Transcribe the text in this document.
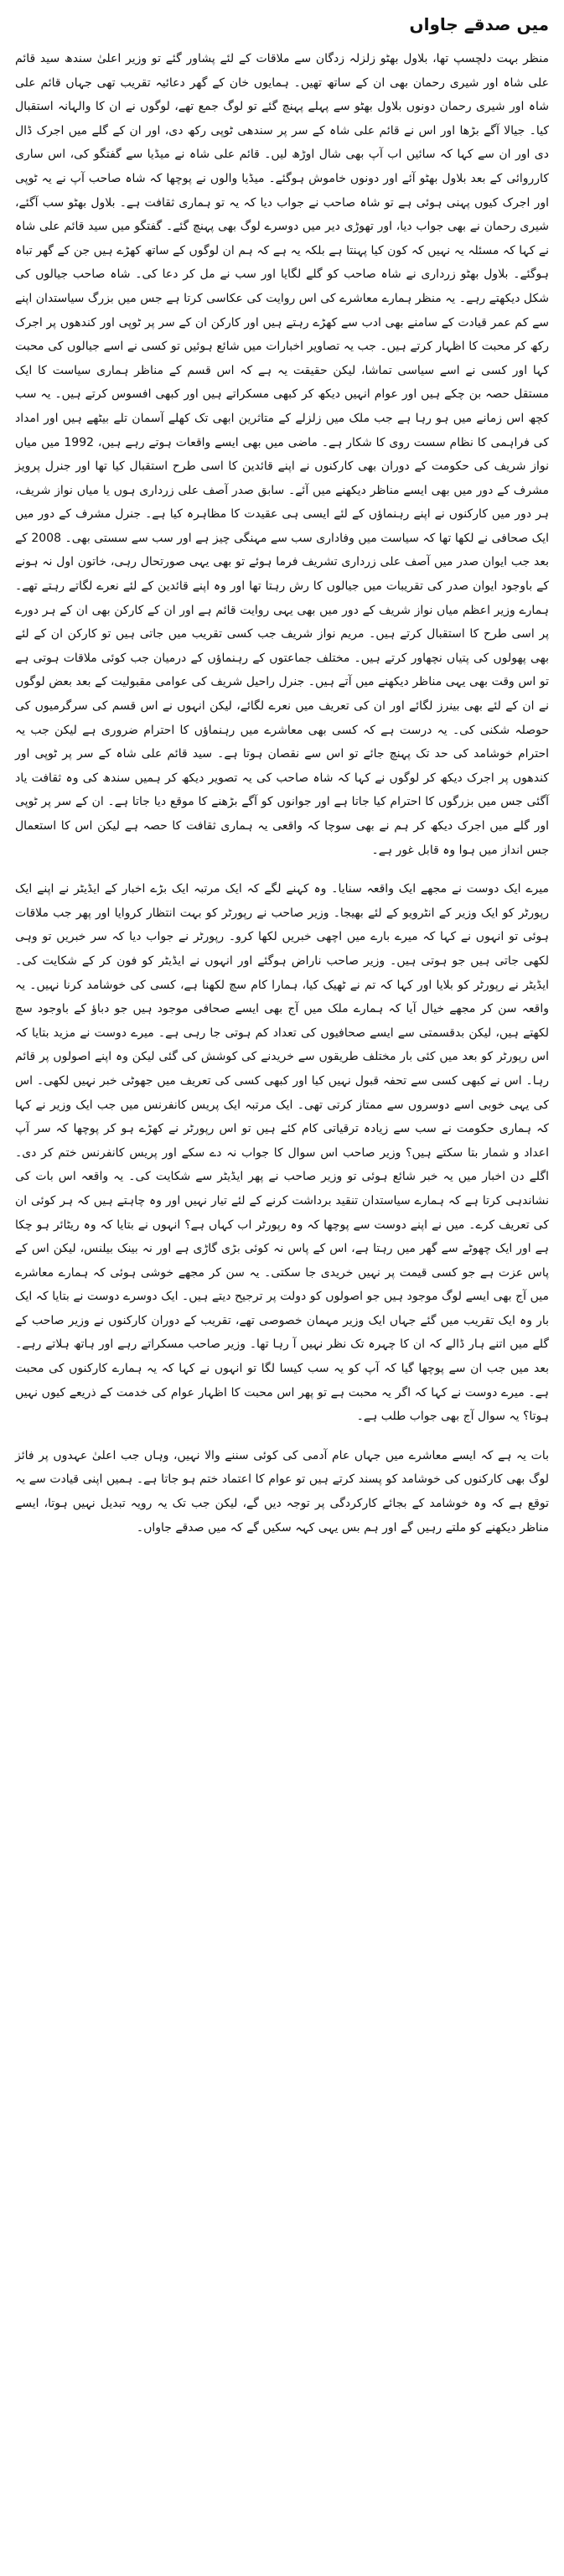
میں صدقے جاواں

منظر بہت دلچسپ تھا، بلاول بھٹو زلزلہ زدگان سے ملاقات کے لئے پشاور گئے تو وزیر اعلیٰ سندھ سید قائم علی شاہ اور شیری رحمان بھی ان کے ساتھ تھیں۔ ہمایوں خان کے گھر دعائیہ تقریب تھی جہاں قائم علی شاہ اور شیری رحمان دونوں بلاول بھٹو سے پہلے پہنچ گئے تو لوگ جمع تھے، لوگوں نے ان کا والہانہ استقبال کیا۔ جیالا آگے بڑھا اور اس نے قائم علی شاہ کے سر پر سندھی ٹوپی رکھ دی، اور ان کے گلے میں اجرک ڈال دی اور ان سے کہا کہ سائیں اب آپ بھی شال اوڑھ لیں۔ قائم علی شاہ نے میڈیا سے گفتگو کی، اس ساری کارروائی کے بعد بلاول بھٹو آئے اور دونوں خاموش ہوگئے۔ میڈیا والوں نے پوچھا کہ شاہ صاحب آپ نے یہ ٹوپی اور اجرک کیوں پہنی ہوئی ہے تو شاہ صاحب نے جواب دیا کہ یہ تو ہماری ثقافت ہے۔ بلاول بھٹو سب آگئے، شیری رحمان نے بھی جواب دیا، اور تھوڑی دیر میں دوسرے لوگ بھی پہنچ گئے۔ گفتگو میں سید قائم علی شاہ نے کہا کہ مسئلہ یہ نہیں کہ کون کیا پہنتا ہے بلکہ یہ ہے کہ ہم ان لوگوں کے ساتھ کھڑے ہیں جن کے گھر تباہ ہوگئے۔ بلاول بھٹو زرداری نے شاہ صاحب کو گلے لگایا اور سب نے مل کر دعا کی۔ شاہ صاحب جیالوں کی شکل دیکھتے رہے۔ یہ منظر ہمارے معاشرے کی اس روایت کی عکاسی کرتا ہے جس میں بزرگ سیاستدان اپنے سے کم عمر قیادت کے سامنے بھی ادب سے کھڑے رہتے ہیں اور کارکن ان کے سر پر ٹوپی اور کندھوں پر اجرک رکھ کر محبت کا اظہار کرتے ہیں۔ جب یہ تصاویر اخبارات میں شائع ہوئیں تو کسی نے اسے جیالوں کی محبت کہا اور کسی نے اسے سیاسی تماشا، لیکن حقیقت یہ ہے کہ اس قسم کے مناظر ہماری سیاست کا ایک مستقل حصہ بن چکے ہیں اور عوام انہیں دیکھ کر کبھی مسکراتے ہیں اور کبھی افسوس کرتے ہیں۔ یہ سب کچھ اس زمانے میں ہو رہا ہے جب ملک میں زلزلے کے متاثرین ابھی تک کھلے آسمان تلے بیٹھے ہیں اور امداد کی فراہمی کا نظام سست روی کا شکار ہے۔ ماضی میں بھی ایسے واقعات ہوتے رہے ہیں، 1992 میں میاں نواز شریف کی حکومت کے دوران بھی کارکنوں نے اپنے قائدین کا اسی طرح استقبال کیا تھا اور جنرل پرویز مشرف کے دور میں بھی ایسے مناظر دیکھنے میں آئے۔ سابق صدر آصف علی زرداری ہوں یا میاں نواز شریف، ہر دور میں کارکنوں نے اپنے رہنماؤں کے لئے ایسی ہی عقیدت کا مظاہرہ کیا ہے۔ جنرل مشرف کے دور میں ایک صحافی نے لکھا تھا کہ سیاست میں وفاداری سب سے مہنگی چیز ہے اور سب سے سستی بھی۔ 2008 کے بعد جب ایوان صدر میں آصف علی زرداری تشریف فرما ہوئے تو بھی یہی صورتحال رہی، خاتون اول نہ ہونے کے باوجود ایوان صدر کی تقریبات میں جیالوں کا رش رہتا تھا اور وہ اپنے قائدین کے لئے نعرے لگاتے رہتے تھے۔ ہمارے وزیر اعظم میاں نواز شریف کے دور میں بھی یہی روایت قائم ہے اور ان کے کارکن بھی ان کے ہر دورے پر اسی طرح کا استقبال کرتے ہیں۔ مریم نواز شریف جب کسی تقریب میں جاتی ہیں تو کارکن ان کے لئے بھی پھولوں کی پتیاں نچھاور کرتے ہیں۔ مختلف جماعتوں کے رہنماؤں کے درمیان جب کوئی ملاقات ہوتی ہے تو اس وقت بھی یہی مناظر دیکھنے میں آتے ہیں۔ جنرل راحیل شریف کی عوامی مقبولیت کے بعد بعض لوگوں نے ان کے لئے بھی بینرز لگائے اور ان کی تعریف میں نعرے لگائے، لیکن انہوں نے اس قسم کی سرگرمیوں کی حوصلہ شکنی کی۔ یہ درست ہے کہ کسی بھی معاشرے میں رہنماؤں کا احترام ضروری ہے لیکن جب یہ احترام خوشامد کی حد تک پہنچ جائے تو اس سے نقصان ہوتا ہے۔ سید قائم علی شاہ کے سر پر ٹوپی اور کندھوں پر اجرک دیکھ کر لوگوں نے کہا کہ شاہ صاحب کی یہ تصویر دیکھ کر ہمیں سندھ کی وہ ثقافت یاد آگئی جس میں بزرگوں کا احترام کیا جاتا ہے اور جوانوں کو آگے بڑھنے کا موقع دیا جاتا ہے۔ ان کے سر پر ٹوپی اور گلے میں اجرک دیکھ کر ہم نے بھی سوچا کہ واقعی یہ ہماری ثقافت کا حصہ ہے لیکن اس کا استعمال جس انداز میں ہوا وہ قابل غور ہے۔

میرے ایک دوست نے مجھے ایک واقعہ سنایا۔ وہ کہنے لگے کہ ایک مرتبہ ایک بڑے اخبار کے ایڈیٹر نے اپنے ایک رپورٹر کو ایک وزیر کے انٹرویو کے لئے بھیجا۔ وزیر صاحب نے رپورٹر کو بہت انتظار کروایا اور پھر جب ملاقات ہوئی تو انہوں نے کہا کہ میرے بارے میں اچھی خبریں لکھا کرو۔ رپورٹر نے جواب دیا کہ سر خبریں تو وہی لکھی جاتی ہیں جو ہوتی ہیں۔ وزیر صاحب ناراض ہوگئے اور انہوں نے ایڈیٹر کو فون کر کے شکایت کی۔ ایڈیٹر نے رپورٹر کو بلایا اور کہا کہ تم نے ٹھیک کیا، ہمارا کام سچ لکھنا ہے، کسی کی خوشامد کرنا نہیں۔ یہ واقعہ سن کر مجھے خیال آیا کہ ہمارے ملک میں آج بھی ایسے صحافی موجود ہیں جو دباؤ کے باوجود سچ لکھتے ہیں، لیکن بدقسمتی سے ایسے صحافیوں کی تعداد کم ہوتی جا رہی ہے۔ میرے دوست نے مزید بتایا کہ اس رپورٹر کو بعد میں کئی بار مختلف طریقوں سے خریدنے کی کوشش کی گئی لیکن وہ اپنے اصولوں پر قائم رہا۔ اس نے کبھی کسی سے تحفہ قبول نہیں کیا اور کبھی کسی کی تعریف میں جھوٹی خبر نہیں لکھی۔ اس کی یہی خوبی اسے دوسروں سے ممتاز کرتی تھی۔ ایک مرتبہ ایک پریس کانفرنس میں جب ایک وزیر نے کہا کہ ہماری حکومت نے سب سے زیادہ ترقیاتی کام کئے ہیں تو اس رپورٹر نے کھڑے ہو کر پوچھا کہ سر آپ اعداد و شمار بتا سکتے ہیں؟ وزیر صاحب اس سوال کا جواب نہ دے سکے اور پریس کانفرنس ختم کر دی۔ اگلے دن اخبار میں یہ خبر شائع ہوئی تو وزیر صاحب نے پھر ایڈیٹر سے شکایت کی۔ یہ واقعہ اس بات کی نشاندہی کرتا ہے کہ ہمارے سیاستدان تنقید برداشت کرنے کے لئے تیار نہیں اور وہ چاہتے ہیں کہ ہر کوئی ان کی تعریف کرے۔ میں نے اپنے دوست سے پوچھا کہ وہ رپورٹر اب کہاں ہے؟ انہوں نے بتایا کہ وہ ریٹائر ہو چکا ہے اور ایک چھوٹے سے گھر میں رہتا ہے، اس کے پاس نہ کوئی بڑی گاڑی ہے اور نہ بینک بیلنس، لیکن اس کے پاس عزت ہے جو کسی قیمت پر نہیں خریدی جا سکتی۔ یہ سن کر مجھے خوشی ہوئی کہ ہمارے معاشرے میں آج بھی ایسے لوگ موجود ہیں جو اصولوں کو دولت پر ترجیح دیتے ہیں۔ ایک دوسرے دوست نے بتایا کہ ایک بار وہ ایک تقریب میں گئے جہاں ایک وزیر مہمان خصوصی تھے، تقریب کے دوران کارکنوں نے وزیر صاحب کے گلے میں اتنے ہار ڈالے کہ ان کا چہرہ تک نظر نہیں آ رہا تھا۔ وزیر صاحب مسکراتے رہے اور ہاتھ ہلاتے رہے۔ بعد میں جب ان سے پوچھا گیا کہ آپ کو یہ سب کیسا لگا تو انہوں نے کہا کہ یہ ہمارے کارکنوں کی محبت ہے۔ میرے دوست نے کہا کہ اگر یہ محبت ہے تو پھر اس محبت کا اظہار عوام کی خدمت کے ذریعے کیوں نہیں ہوتا؟ یہ سوال آج بھی جواب طلب ہے۔

بات یہ ہے کہ ایسے معاشرے میں جہاں عام آدمی کی کوئی سننے والا نہیں، وہاں جب اعلیٰ عہدوں پر فائز لوگ بھی کارکنوں کی خوشامد کو پسند کرتے ہیں تو عوام کا اعتماد ختم ہو جاتا ہے۔ ہمیں اپنی قیادت سے یہ توقع ہے کہ وہ خوشامد کے بجائے کارکردگی پر توجہ دیں گے، لیکن جب تک یہ رویہ تبدیل نہیں ہوتا، ایسے مناظر دیکھنے کو ملتے رہیں گے اور ہم بس یہی کہہ سکیں گے کہ میں صدقے جاواں۔
